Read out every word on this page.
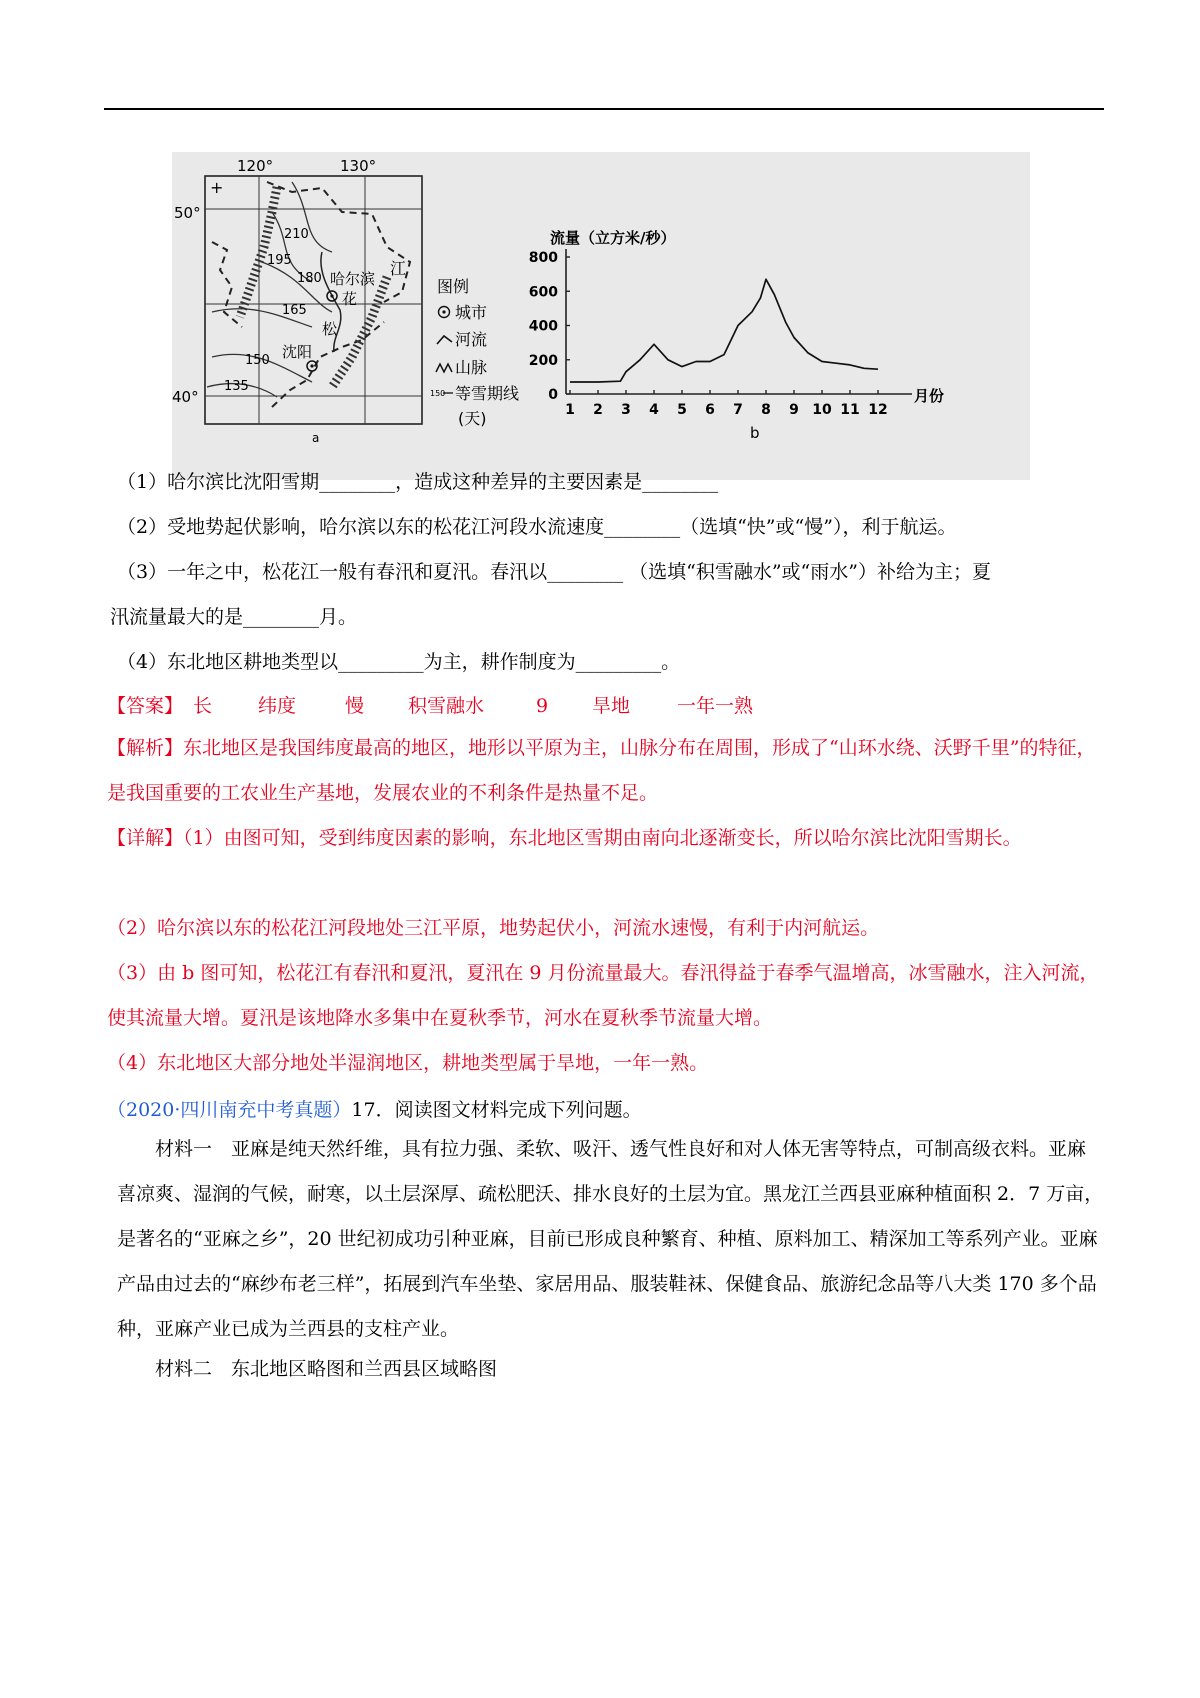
+
120°	130°
50°
40°
210
195
180
165
150
135
哈尔滨
沈阳
江
花
松
a
图例
城市
河流
山脉
150 等雪期线
(天)
流量（立方米/秒）
月份
b
0
200
400
600
800
1 2 3 4 5 6 7 8 9 10 11 12
（1）哈尔滨比沈阳雪期________，造成这种差异的主要因素是________
（2）受地势起伏影响，哈尔滨以东的松花江河段水流速度________（选填“快”或“慢”），利于航运。
（3）一年之中，松花江一般有春汛和夏汛。春汛以________ （选填“积雪融水”或“雨水”）补给为主；夏
汛流量最大的是________月。
（4）东北地区耕地类型以_________为主，耕作制度为_________。
【答案】 长 纬度	慢 积雪融水	9 旱地 一年一熟
【解析】东北地区是我国纬度最高的地区，地形以平原为主，山脉分布在周围，形成了“山环水绕、沃野千里”的特征，是我国重要的工农业生产基地，发展农业的不利条件是热量不足。
【详解】（1）由图可知，受到纬度因素的影响，东北地区雪期由南向北逐渐变长，所以哈尔滨比沈阳雪期长。
（2）哈尔滨以东的松花江河段地处三江平原，地势起伏小，河流水速慢，有利于内河航运。
（3）由 b 图可知，松花江有春汛和夏汛，夏汛在 9 月份流量最大。春汛得益于春季气温增高，冰雪融水，注入河流，使其流量大增。夏汛是该地降水多集中在夏秋季节，河水在夏秋季节流量大增。
（4）东北地区大部分地处半湿润地区，耕地类型属于旱地，一年一熟。
（2020·四川南充中考真题）17．阅读图文材料完成下列问题。
材料一　 亚麻是纯天然纤维，具有拉力强、柔软、吸汗、透气性良好和对人体无害等特点，可制高级衣料。亚麻喜凉爽、湿润的气候，耐寒，以土层深厚、疏松肥沃、排水良好的土层为宜。黑龙江兰西县亚麻种植面积 2．7 万亩，是著名的“亚麻之乡”，20 世纪初成功引种亚麻，目前已形成良种繁育、种植、原料加工、精深加工等系列产业。亚麻产品由过去的“麻纱布老三样”，拓展到汽车坐垫、家居用品、服装鞋袜、保健食品、旅游纪念品等八大类 170 多个品种，亚麻产业已成为兰西县的支柱产业。
材料二　 东北地区略图和兰西县区域略图
